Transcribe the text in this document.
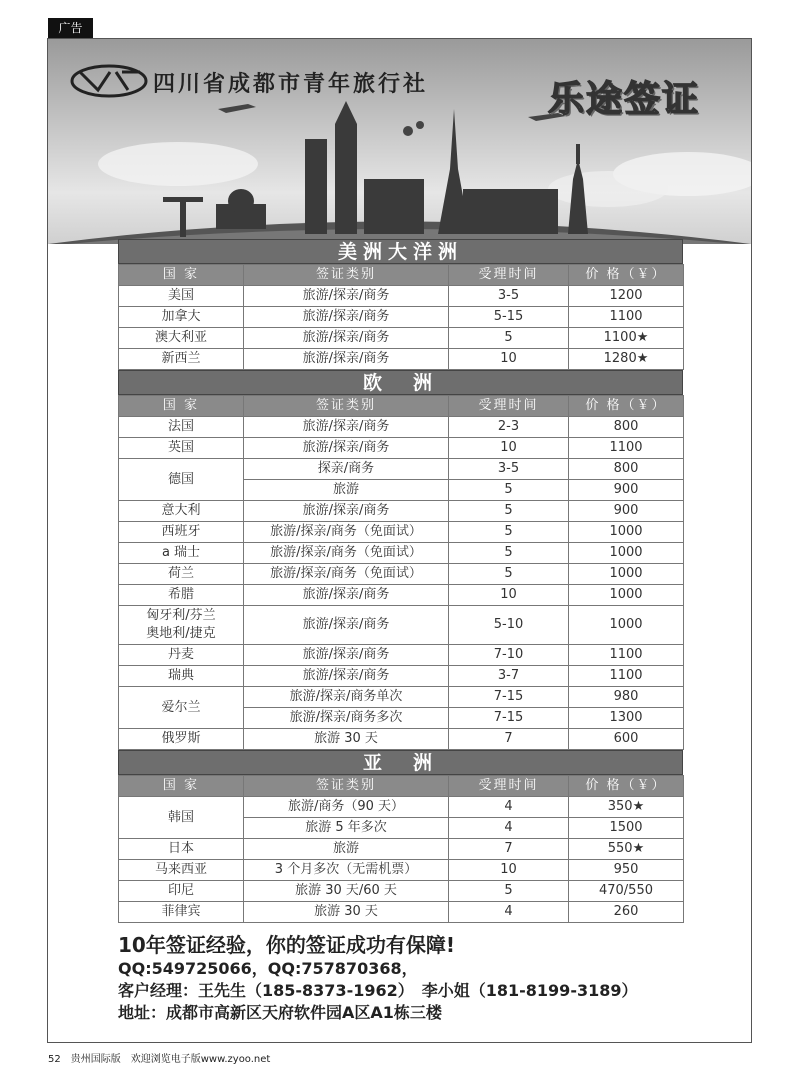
广告
四川省成都市青年旅行社	乐途签证
美洲大洋洲
国 家	签证类别	受理时间	价 格（￥）
美国	旅游/探亲/商务	3-5	1200
加拿大	旅游/探亲/商务	5-15	1100
澳大利亚	旅游/探亲/商务	5	1100★
新西兰	旅游/探亲/商务	10	1280★
欧　洲
国 家	签证类别	受理时间	价 格（￥）
法国	旅游/探亲/商务	2-3	800
英国	旅游/探亲/商务	10	1100
德国	探亲/商务	3-5	800
	旅游	5	900
意大利	旅游/探亲/商务	5	900
西班牙	旅游/探亲/商务（免面试）	5	1000
a 瑞士	旅游/探亲/商务（免面试）	5	1000
荷兰	旅游/探亲/商务（免面试）	5	1000
希腊	旅游/探亲/商务	10	1000
匈牙利/芬兰
奥地利/捷克	旅游/探亲/商务	5-10	1000
丹麦	旅游/探亲/商务	7-10	1100
瑞典	旅游/探亲/商务	3-7	1100
爱尔兰	旅游/探亲/商务单次	7-15	980
	旅游/探亲/商务多次	7-15	1300
俄罗斯	旅游 30 天	7	600
亚　洲
国 家	签证类别	受理时间	价 格（￥）
韩国	旅游/商务（90 天）	4	350★
	旅游 5 年多次	4	1500
日本	旅游	7	550★
马来西亚	3 个月多次（无需机票）	10	950
印尼	旅游 30 天/60 天	5	470/550
菲律宾	旅游 30 天	4	260

10年签证经验，你的签证成功有保障!

QQ:549725066，QQ:757870368，

客户经理：王先生（185-8373-1962）　李小姐（181-8199-3189）

地址：成都市高新区天府软件园A区A1栋三楼

52　贵州国际版　欢迎浏览电子版www.zyoo.net
